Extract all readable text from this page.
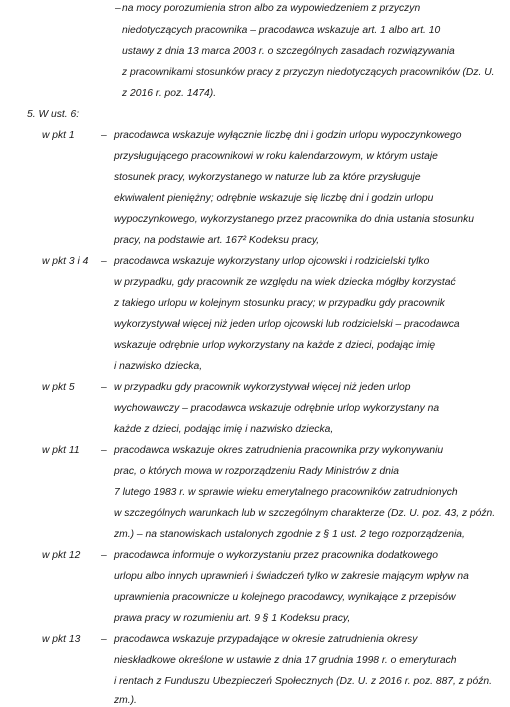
– na mocy porozumienia stron albo za wypowiedzeniem z przyczyn
niedotyczących pracownika – pracodawca wskazuje art. 1 albo art. 10
ustawy z dnia 13 marca 2003 r. o szczególnych zasadach rozwiązywania
z pracownikami stosunków pracy z przyczyn niedotyczących pracowników (Dz. U.
z 2016 r. poz. 1474).
5. W ust. 6:
w pkt 1	– pracodawca wskazuje wyłącznie liczbę dni i godzin urlopu wypoczynkowego
przysługującego pracownikowi w roku kalendarzowym, w którym ustaje
stosunek pracy, wykorzystanego w naturze lub za które przysługuje
ekwiwalent pieniężny; odrębnie wskazuje się liczbę dni i godzin urlopu
wypoczynkowego, wykorzystanego przez pracownika do dnia ustania stosunku
pracy, na podstawie art. 167² Kodeksu pracy,
w pkt 3 i 4 – pracodawca wskazuje wykorzystany urlop ojcowski i rodzicielski tylko
w przypadku, gdy pracownik ze względu na wiek dziecka mógłby korzystać
z takiego urlopu w kolejnym stosunku pracy; w przypadku gdy pracownik
wykorzystywał więcej niż jeden urlop ojcowski lub rodzicielski – pracodawca
wskazuje odrębnie urlop wykorzystany na każde z dzieci, podając imię
i nazwisko dziecka,
w pkt 5	– w przypadku gdy pracownik wykorzystywał więcej niż jeden urlop
wychowawczy – pracodawca wskazuje odrębnie urlop wykorzystany na
każde z dzieci, podając imię i nazwisko dziecka,
w pkt 11 – pracodawca wskazuje okres zatrudnienia pracownika przy wykonywaniu
prac, o których mowa w rozporządzeniu Rady Ministrów z dnia
7 lutego 1983 r. w sprawie wieku emerytalnego pracowników zatrudnionych
w szczególnych warunkach lub w szczególnym charakterze (Dz. U. poz. 43, z późn.
zm.) – na stanowiskach ustalonych zgodnie z § 1 ust. 2 tego rozporządzenia,
w pkt 12 – pracodawca informuje o wykorzystaniu przez pracownika dodatkowego
urlopu albo innych uprawnień i świadczeń tylko w zakresie mającym wpływ na
uprawnienia pracownicze u kolejnego pracodawcy, wynikające z przepisów
prawa pracy w rozumieniu art. 9 § 1 Kodeksu pracy,
w pkt 13 – pracodawca wskazuje przypadające w okresie zatrudnienia okresy
nieskładkowe określone w ustawie z dnia 17 grudnia 1998 r. o emeryturach
i rentach z Funduszu Ubezpieczeń Społecznych (Dz. U. z 2016 r. poz. 887, z późn.
zm.).
